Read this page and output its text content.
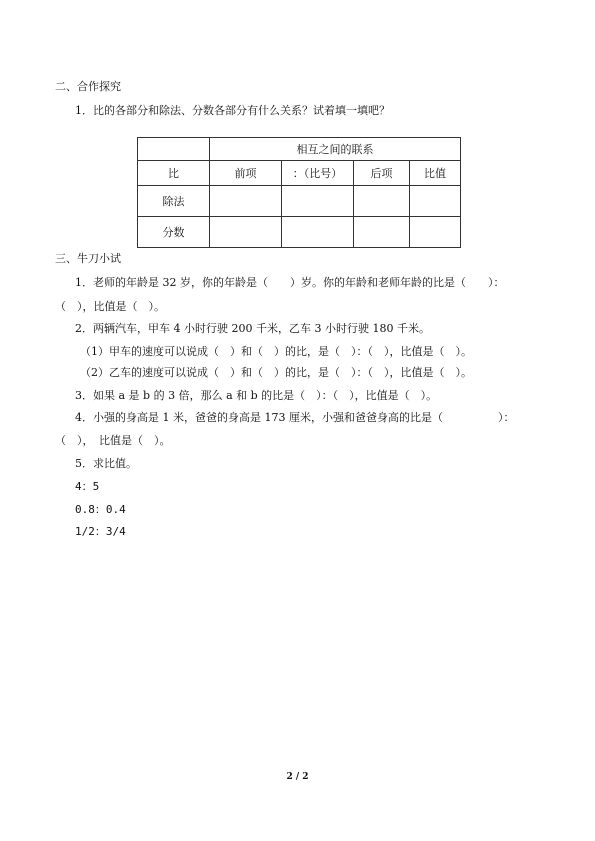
二、合作探究
1．比的各部分和除法、分数各部分有什么关系？试着填一填吧？
	相互之间的联系			
比	前项	：（比号）	后项	比值
除法				
分数				
三、牛刀小试
1．老师的年龄是 32 岁，你的年龄是（　　）岁。你的年龄和老师年龄的比是（　　）：
（　），比值是（　）。
2．两辆汽车，甲车 4 小时行驶 200 千米，乙车 3 小时行驶 180 千米。
（1）甲车的速度可以说成（　）和（　）的比，是（　）：（　），比值是（　）。
（2）乙车的速度可以说成（　）和（　）的比，是（　）：（　），比值是（　）。
3．如果 a 是 b 的 3 倍，那么 a 和 b 的比是（　）：（　），比值是（　）。
4．小强的身高是 1 米，爸爸的身高是 173 厘米，小强和爸爸身高的比是（　　　　　）：
（　），　比值是（　）。
5．求比值。
4：5
0.8：0.4
1/2：3/4
2 / 2
